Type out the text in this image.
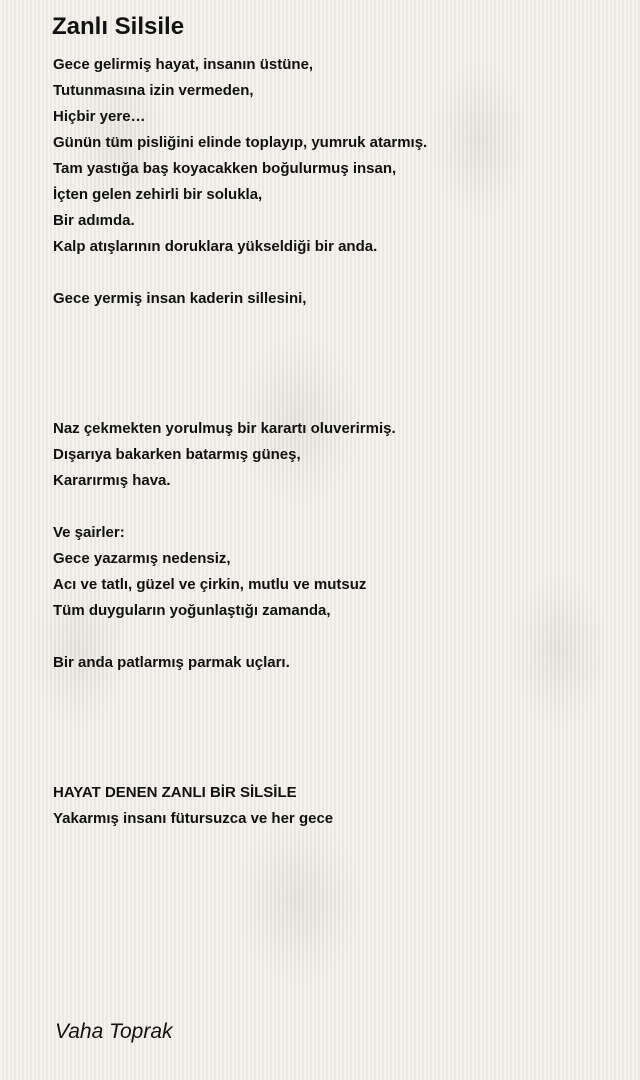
Zanlı Silsile
Gece gelirmiş hayat, insanın üstüne,
Tutunmasına izin vermeden,
Hiçbir yere…
Günün tüm pisliğini elinde toplayıp, yumruk atarmış.
Tam yastığa baş koyacakken boğulurmuş insan,
İçten gelen zehirli bir solukla,
Bir adımda.
Kalp atışlarının doruklara yükseldiği bir anda.
Gece yermiş insan kaderin sillesini,
Naz çekmekten yorulmuş bir karartı oluverirmiş.
Dışarıya bakarken batarmış güneş,
Kararırmış hava.
Ve şairler:
Gece yazarmış nedensiz,
Acı ve tatlı, güzel ve çirkin, mutlu ve mutsuz
Tüm duyguların yoğunlaştığı zamanda,
Bir anda patlarmış parmak uçları.
HAYAT DENEN ZANLI BİR SİLSİLE
Yakarmış insanı fütursuzca ve her gece
Vaha Toprak
